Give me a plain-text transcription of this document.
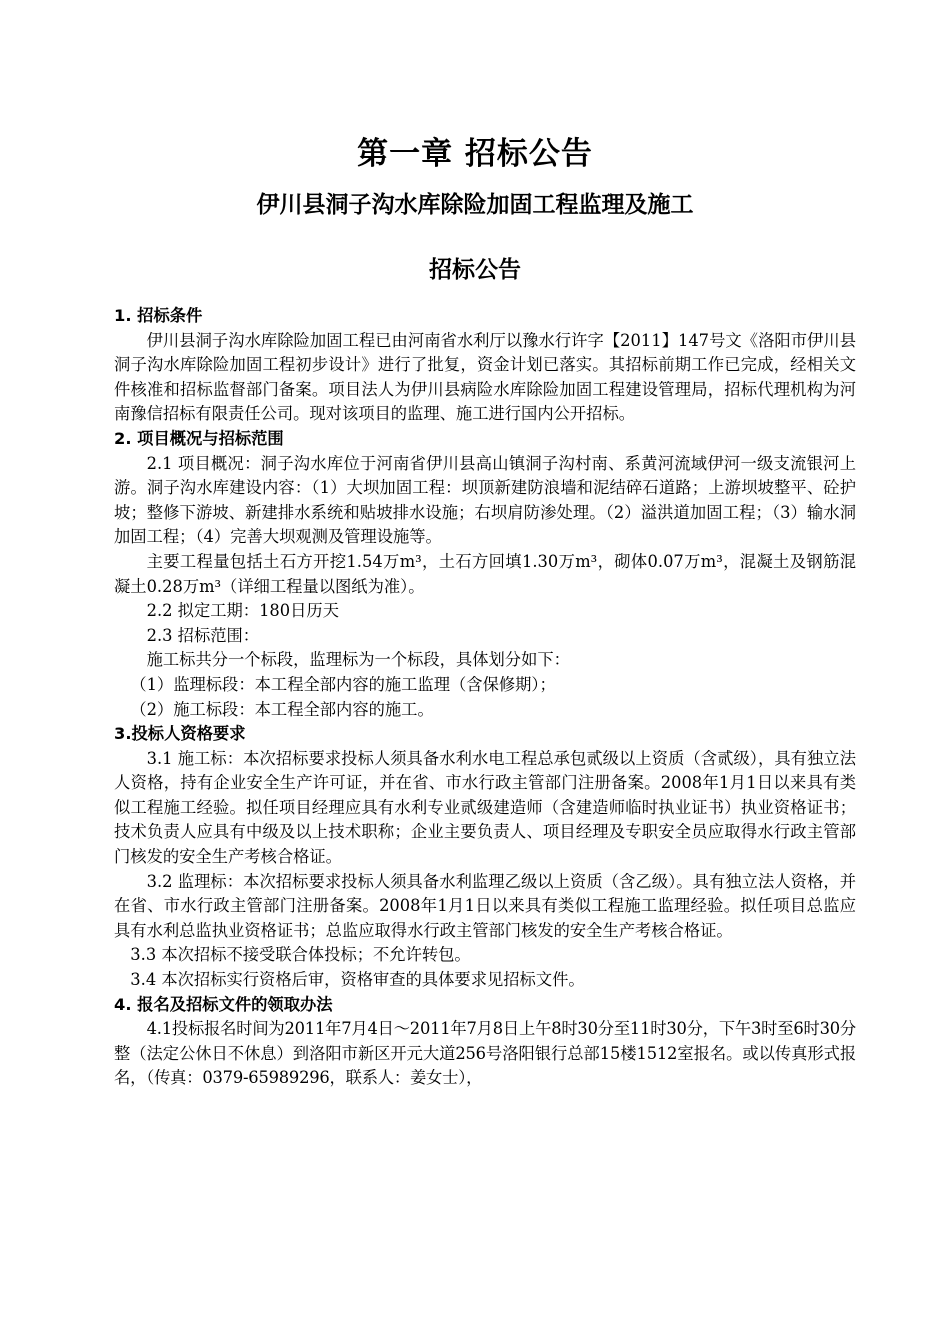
第一章 招标公告
伊川县洞子沟水库除险加固工程监理及施工
招标公告
1. 招标条件
伊川县洞子沟水库除险加固工程已由河南省水利厅以豫水行许字【2011】147号文《洛阳市伊川县洞子沟水库除险加固工程初步设计》进行了批复，资金计划已落实。其招标前期工作已完成，经相关文件核准和招标监督部门备案。项目法人为伊川县病险水库除险加固工程建设管理局，招标代理机构为河南豫信招标有限责任公司。现对该项目的监理、施工进行国内公开招标。
2. 项目概况与招标范围
2.1 项目概况：洞子沟水库位于河南省伊川县高山镇洞子沟村南、系黄河流域伊河一级支流银河上游。洞子沟水库建设内容：（1）大坝加固工程：坝顶新建防浪墙和泥结碎石道路；上游坝坡整平、砼护坡；整修下游坡、新建排水系统和贴坡排水设施；右坝肩防渗处理。（2）溢洪道加固工程；（3）输水洞加固工程；（4）完善大坝观测及管理设施等。
主要工程量包括土石方开挖1.54万m³，土石方回填1.30万m³，砌体0.07万m³，混凝土及钢筋混凝土0.28万m³（详细工程量以图纸为准）。
2.2 拟定工期：180日历天
2.3 招标范围：
施工标共分一个标段，监理标为一个标段，具体划分如下：
（1）监理标段：本工程全部内容的施工监理（含保修期）；
（2）施工标段：本工程全部内容的施工。
3.投标人资格要求
3.1 施工标：本次招标要求投标人须具备水利水电工程总承包贰级以上资质（含贰级），具有独立法人资格，持有企业安全生产许可证，并在省、市水行政主管部门注册备案。2008年1月1日以来具有类似工程施工经验。拟任项目经理应具有水利专业贰级建造师（含建造师临时执业证书）执业资格证书；技术负责人应具有中级及以上技术职称；企业主要负责人、项目经理及专职安全员应取得水行政主管部门核发的安全生产考核合格证。
3.2 监理标：本次招标要求投标人须具备水利监理乙级以上资质（含乙级）。具有独立法人资格，并在省、市水行政主管部门注册备案。2008年1月1日以来具有类似工程施工监理经验。拟任项目总监应具有水利总监执业资格证书；总监应取得水行政主管部门核发的安全生产考核合格证。
3.3 本次招标不接受联合体投标；不允许转包。
3.4 本次招标实行资格后审，资格审查的具体要求见招标文件。
4. 报名及招标文件的领取办法
4.1投标报名时间为2011年7月4日～2011年7月8日上午8时30分至11时30分，下午3时至6时30分整（法定公休日不休息）到洛阳市新区开元大道256号洛阳银行总部15楼1512室报名。或以传真形式报名，（传真：0379-65989296，联系人：姜女士），
